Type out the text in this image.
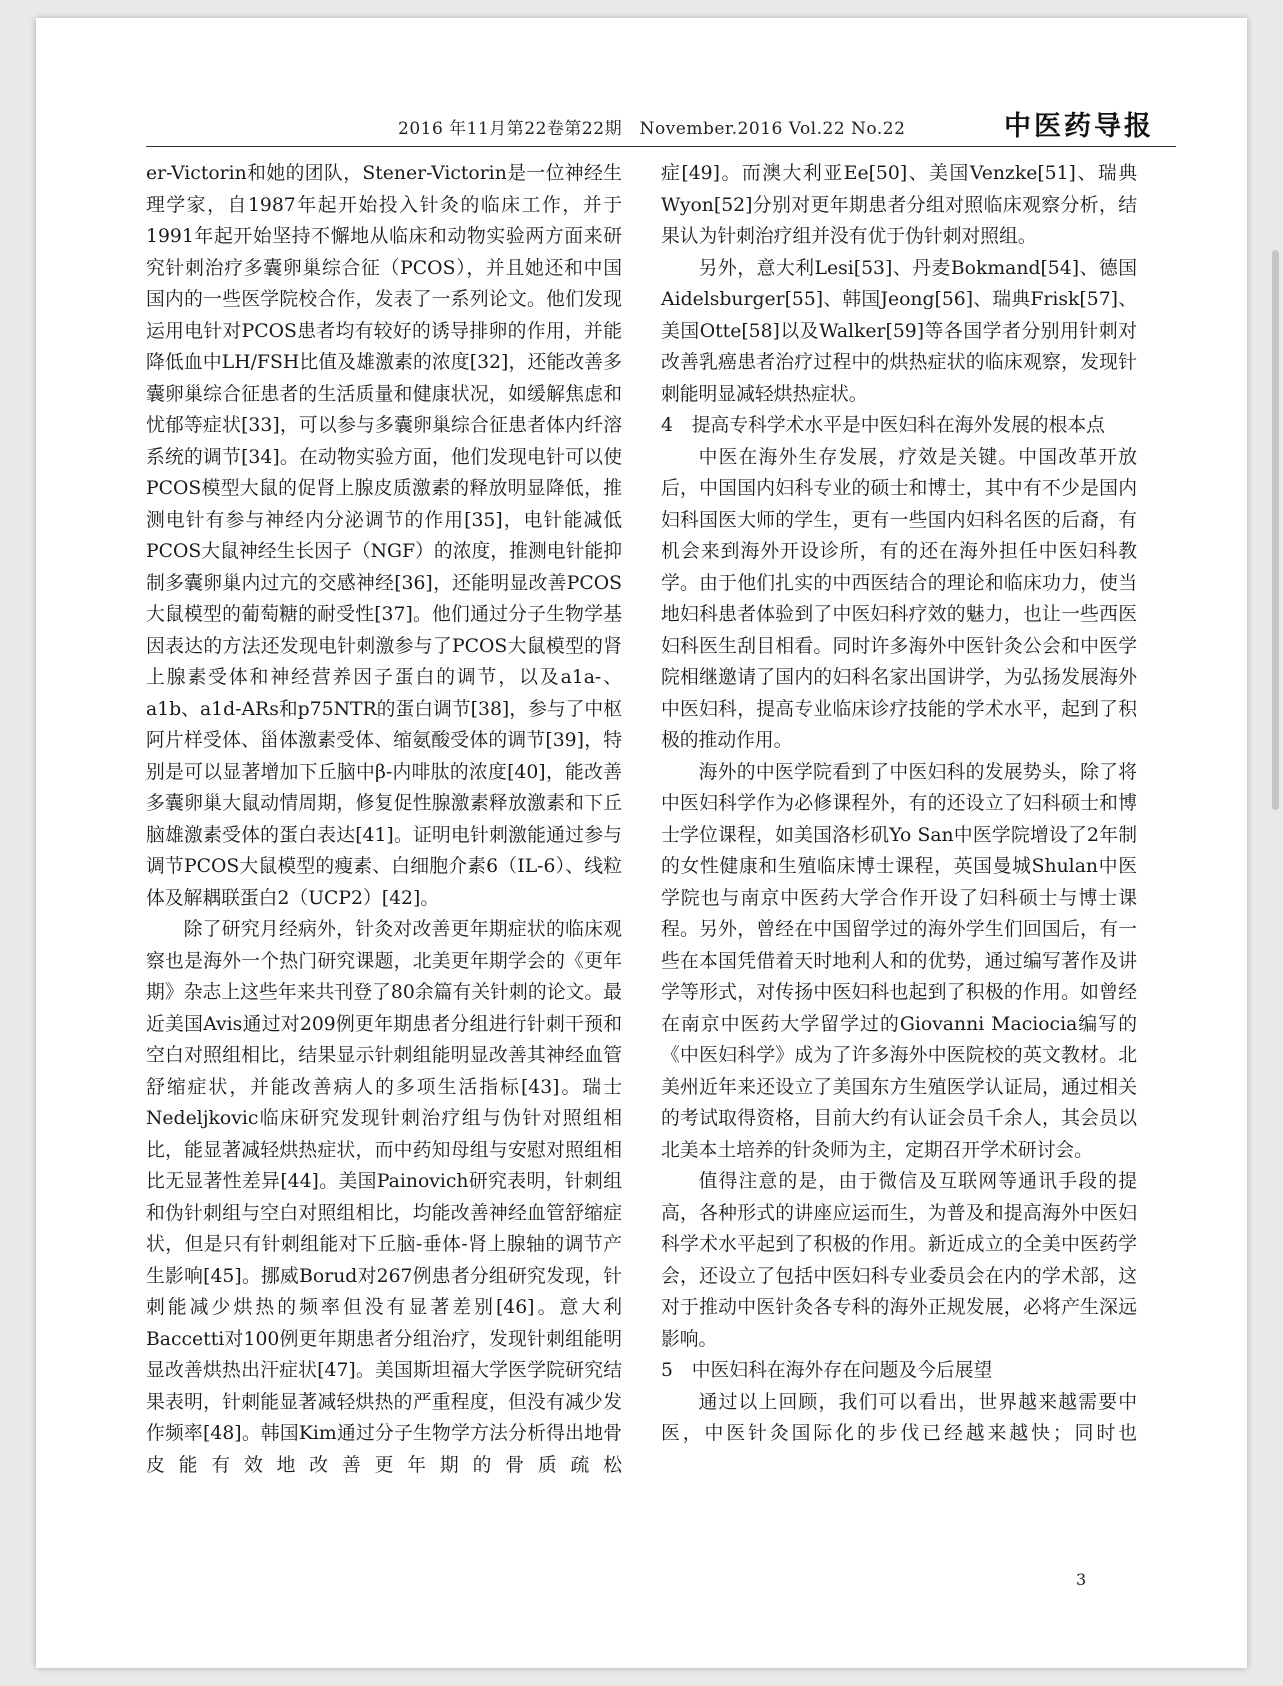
2016 年11月第22卷第22期　November.2016 Vol.22 No.22	中医药导报

er-Victorin和她的团队，Stener-Victorin是一位神经生理学家，自1987年起开始投入针灸的临床工作，并于1991年起开始坚持不懈地从临床和动物实验两方面来研究针刺治疗多囊卵巢综合征（PCOS），并且她还和中国国内的一些医学院校合作，发表了一系列论文。他们发现运用电针对PCOS患者均有较好的诱导排卵的作用，并能降低血中LH/FSH比值及雄激素的浓度[32]，还能改善多囊卵巢综合征患者的生活质量和健康状况，如缓解焦虑和忧郁等症状[33]，可以参与多囊卵巢综合征患者体内纤溶系统的调节[34]。在动物实验方面，他们发现电针可以使PCOS模型大鼠的促肾上腺皮质激素的释放明显降低，推测电针有参与神经内分泌调节的作用[35]，电针能减低PCOS大鼠神经生长因子（NGF）的浓度，推测电针能抑制多囊卵巢内过亢的交感神经[36]，还能明显改善PCOS大鼠模型的葡萄糖的耐受性[37]。他们通过分子生物学基因表达的方法还发现电针刺激参与了PCOS大鼠模型的肾上腺素受体和神经营养因子蛋白的调节，以及a1a-、a1b、a1d-ARs和p75NTR的蛋白调节[38]，参与了中枢阿片样受体、甾体激素受体、缩氨酸受体的调节[39]，特别是可以显著增加下丘脑中β-内啡肽的浓度[40]，能改善多囊卵巢大鼠动情周期，修复促性腺激素释放激素和下丘脑雄激素受体的蛋白表达[41]。证明电针刺激能通过参与调节PCOS大鼠模型的瘦素、白细胞介素6（IL-6）、线粒体及解耦联蛋白2（UCP2）[42]。

除了研究月经病外，针灸对改善更年期症状的临床观察也是海外一个热门研究课题，北美更年期学会的《更年期》杂志上这些年来共刊登了80余篇有关针刺的论文。最近美国Avis通过对209例更年期患者分组进行针刺干预和空白对照组相比，结果显示针刺组能明显改善其神经血管舒缩症状，并能改善病人的多项生活指标[43]。瑞士Nedeljkovic临床研究发现针刺治疗组与伪针对照组相比，能显著减轻烘热症状，而中药知母组与安慰对照组相比无显著性差异[44]。美国Painovich研究表明，针刺组和伪针刺组与空白对照组相比，均能改善神经血管舒缩症状，但是只有针刺组能对下丘脑-垂体-肾上腺轴的调节产生影响[45]。挪威Borud对267例患者分组研究发现，针刺能减少烘热的频率但没有显著差别[46]。意大利Baccetti对100例更年期患者分组治疗，发现针刺组能明显改善烘热出汗症状[47]。美国斯坦福大学医学院研究结果表明，针刺能显著减轻烘热的严重程度，但没有减少发作频率[48]。韩国Kim通过分子生物学方法分析得出地骨皮能有效地改善更年期的骨质疏松

症[49]。而澳大利亚Ee[50]、美国Venzke[51]、瑞典Wyon[52]分别对更年期患者分组对照临床观察分析，结果认为针刺治疗组并没有优于伪针刺对照组。

另外，意大利Lesi[53]、丹麦Bokmand[54]、德国Aidelsburger[55]、韩国Jeong[56]、瑞典Frisk[57]、美国Otte[58]以及Walker[59]等各国学者分别用针刺对改善乳癌患者治疗过程中的烘热症状的临床观察，发现针刺能明显减轻烘热症状。

4　提高专科学术水平是中医妇科在海外发展的根本点

中医在海外生存发展，疗效是关键。中国改革开放后，中国国内妇科专业的硕士和博士，其中有不少是国内妇科国医大师的学生，更有一些国内妇科名医的后裔，有机会来到海外开设诊所，有的还在海外担任中医妇科教学。由于他们扎实的中西医结合的理论和临床功力，使当地妇科患者体验到了中医妇科疗效的魅力，也让一些西医妇科医生刮目相看。同时许多海外中医针灸公会和中医学院相继邀请了国内的妇科名家出国讲学，为弘扬发展海外中医妇科，提高专业临床诊疗技能的学术水平，起到了积极的推动作用。

海外的中医学院看到了中医妇科的发展势头，除了将中医妇科学作为必修课程外，有的还设立了妇科硕士和博士学位课程，如美国洛杉矶Yo San中医学院增设了2年制的女性健康和生殖临床博士课程，英国曼城Shulan中医学院也与南京中医药大学合作开设了妇科硕士与博士课程。另外，曾经在中国留学过的海外学生们回国后，有一些在本国凭借着天时地利人和的优势，通过编写著作及讲学等形式，对传扬中医妇科也起到了积极的作用。如曾经在南京中医药大学留学过的Giovanni Maciocia编写的《中医妇科学》成为了许多海外中医院校的英文教材。北美州近年来还设立了美国东方生殖医学认证局，通过相关的考试取得资格，目前大约有认证会员千余人，其会员以北美本土培养的针灸师为主，定期召开学术研讨会。

值得注意的是，由于微信及互联网等通讯手段的提高，各种形式的讲座应运而生，为普及和提高海外中医妇科学术水平起到了积极的作用。新近成立的全美中医药学会，还设立了包括中医妇科专业委员会在内的学术部，这对于推动中医针灸各专科的海外正规发展，必将产生深远影响。

5　中医妇科在海外存在问题及今后展望

通过以上回顾，我们可以看出，世界越来越需要中医，中医针灸国际化的步伐已经越来越快；同时也

3
